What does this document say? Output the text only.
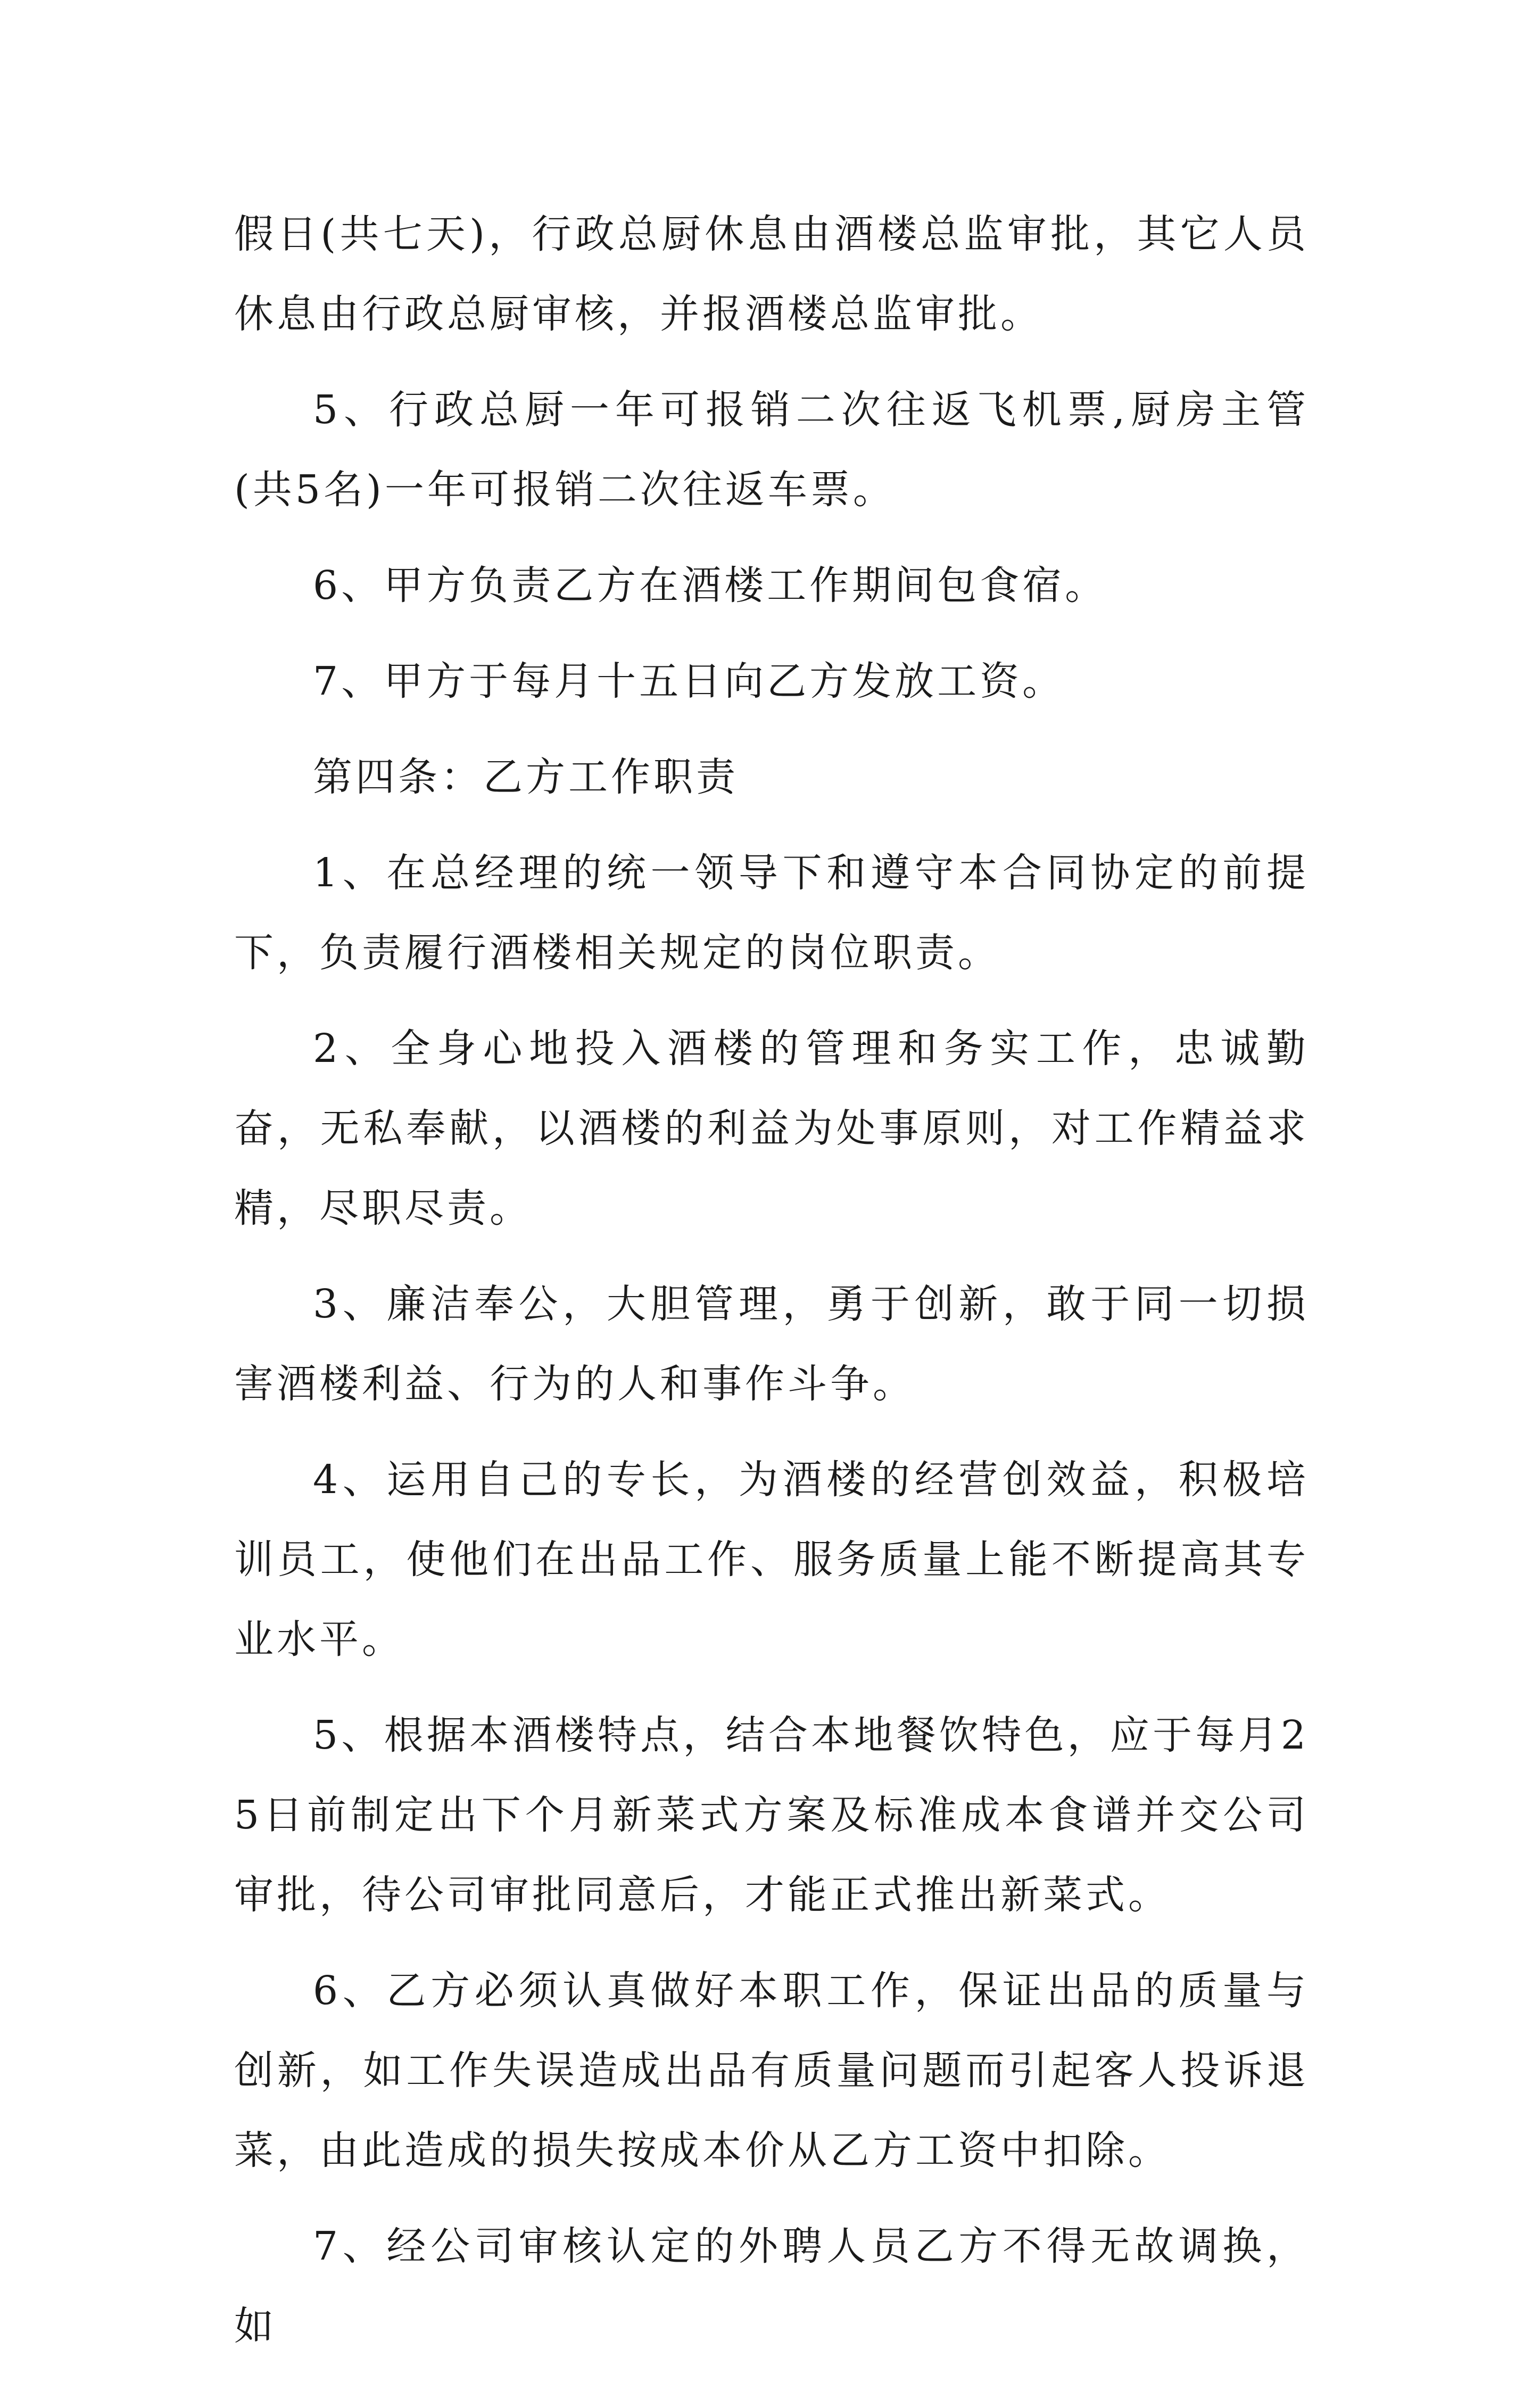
假日(共七天)，行政总厨休息由酒楼总监审批，其它人员休息由行政总厨审核，并报酒楼总监审批。

5、行政总厨一年可报销二次往返飞机票,厨房主管(共5名)一年可报销二次往返车票。

6、甲方负责乙方在酒楼工作期间包食宿。

7、甲方于每月十五日向乙方发放工资。

第四条：乙方工作职责

1、在总经理的统一领导下和遵守本合同协定的前提下，负责履行酒楼相关规定的岗位职责。

2、全身心地投入酒楼的管理和务实工作，忠诚勤奋，无私奉献，以酒楼的利益为处事原则，对工作精益求精，尽职尽责。

3、廉洁奉公，大胆管理，勇于创新，敢于同一切损害酒楼利益、行为的人和事作斗争。

4、运用自己的专长，为酒楼的经营创效益，积极培训员工，使他们在出品工作、服务质量上能不断提高其专业水平。

5、根据本酒楼特点，结合本地餐饮特色，应于每月25日前制定出下个月新菜式方案及标准成本食谱并交公司审批，待公司审批同意后，才能正式推出新菜式。

6、乙方必须认真做好本职工作，保证出品的质量与创新，如工作失误造成出品有质量问题而引起客人投诉退菜，由此造成的损失按成本价从乙方工资中扣除。

7、经公司审核认定的外聘人员乙方不得无故调换，如
